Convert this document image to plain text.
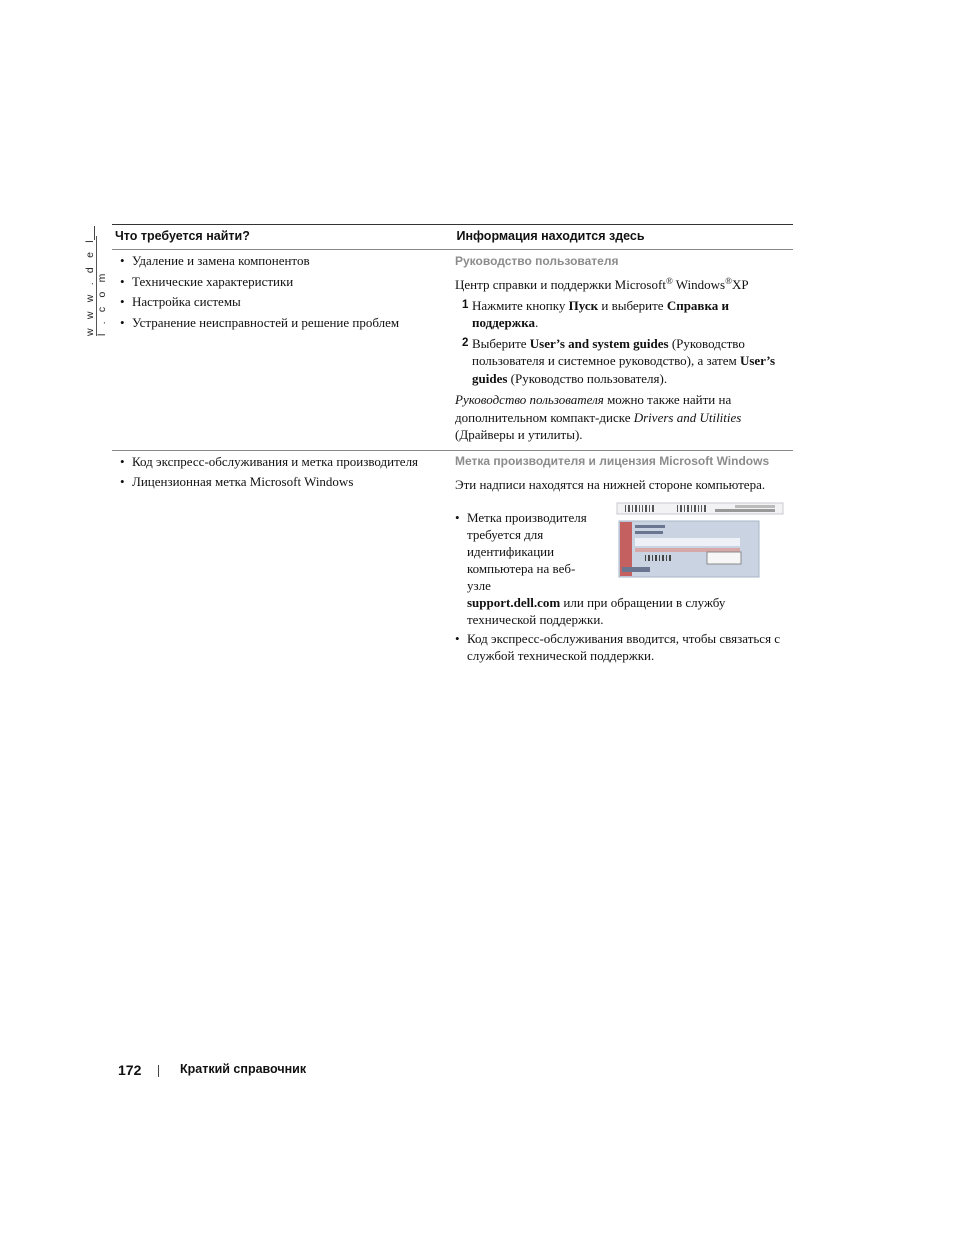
w w w . d e l l . c o m
Что требуется найти?	Информация находится здесь
• Удаление и замена компонентов
• Технические характеристики
• Настройка системы
• Устранение неисправностей и решение проблем
Руководство пользователя

Центр справки и поддержки Microsoft® Windows®XP

1 Нажмите кнопку Пуск и выберите Справка и поддержка.
2 Выберите User’s and system guides (Руководство пользователя и системное руководство), а затем User’s guides (Руководство пользователя).

Руководство пользователя можно также найти на дополнительном компакт-диске Drivers and Utilities (Драйверы и утилиты).

• Код экспресс-обслуживания и метка производителя
• Лицензионная метка Microsoft Windows
Метка производителя и лицензия Microsoft Windows

Эти надписи находятся на нижней стороне компьютера.

• Метка производителя требуется для идентификации компьютера на веб-узле
support.dell.com или при обращении в службу технической поддержки.
• Код экспресс-обслуживания вводится, чтобы связаться с службой технической поддержки.
172	Краткий справочник
